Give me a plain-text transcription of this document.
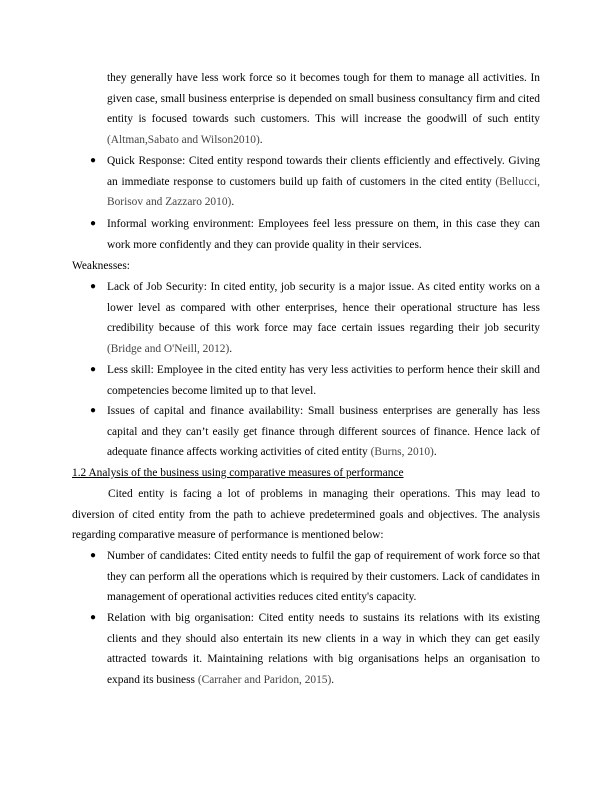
they generally have less work force so it becomes tough for them to manage all activities. In given case, small business enterprise is depended on small business consultancy firm and cited entity is focused towards such customers. This will increase the goodwill of such entity (Altman,Sabato and Wilson2010).
● Quick Response: Cited entity respond towards their clients efficiently and effectively. Giving an immediate response to customers build up faith of customers in the cited entity (Bellucci, Borisov and Zazzaro 2010).
● Informal working environment: Employees feel less pressure on them, in this case they can work more confidently and they can provide quality in their services.
Weaknesses:
● Lack of Job Security: In cited entity, job security is a major issue. As cited entity works on a lower level as compared with other enterprises, hence their operational structure has less credibility because of this work force may face certain issues regarding their job security (Bridge and O'Neill, 2012).
● Less skill: Employee in the cited entity has very less activities to perform hence their skill and competencies become limited up to that level.
● Issues of capital and finance availability: Small business enterprises are generally has less capital and they can’t easily get finance through different sources of finance. Hence lack of adequate finance affects working activities of cited entity (Burns, 2010).
1.2 Analysis of the business using comparative measures of performance
Cited entity is facing a lot of problems in managing their operations. This may lead to diversion of cited entity from the path to achieve predetermined goals and objectives. The analysis regarding comparative measure of performance is mentioned below:
● Number of candidates: Cited entity needs to fulfil the gap of requirement of work force so that they can perform all the operations which is required by their customers. Lack of candidates in management of operational activities reduces cited entity's capacity.
● Relation with big organisation: Cited entity needs to sustains its relations with its existing clients and they should also entertain its new clients in a way in which they can get easily attracted towards it. Maintaining relations with big organisations helps an organisation to expand its business (Carraher and Paridon, 2015).
